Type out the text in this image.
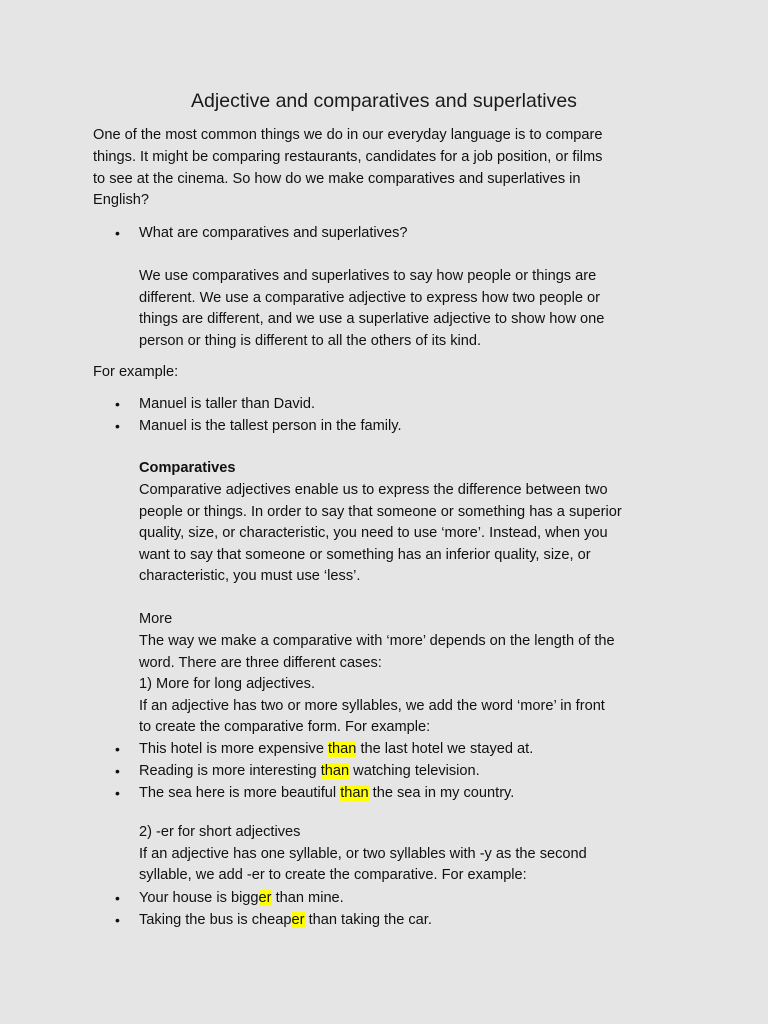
Adjective and comparatives and superlatives
One of the most common things we do in our everyday language is to compare
things. It might be comparing restaurants, candidates for a job position, or films
to see at the cinema. So how do we make comparatives and superlatives in
English?
• What are comparatives and superlatives?
We use comparatives and superlatives to say how people or things are
different. We use a comparative adjective to express how two people or
things are different, and we use a superlative adjective to show how one
person or thing is different to all the others of its kind.
For example:
• Manuel is taller than David.
• Manuel is the tallest person in the family.
Comparatives
Comparative adjectives enable us to express the difference between two
people or things. In order to say that someone or something has a superior
quality, size, or characteristic, you need to use ‘more’. Instead, when you
want to say that someone or something has an inferior quality, size, or
characteristic, you must use ‘less’.
More
The way we make a comparative with ‘more’ depends on the length of the
word. There are three different cases:
1) More for long adjectives.
If an adjective has two or more syllables, we add the word ‘more’ in front
to create the comparative form. For example:
• This hotel is more expensive than the last hotel we stayed at.
• Reading is more interesting than watching television.
• The sea here is more beautiful than the sea in my country.
2) -er for short adjectives
If an adjective has one syllable, or two syllables with -y as the second
syllable, we add -er to create the comparative. For example:
• Your house is bigger than mine.
• Taking the bus is cheaper than taking the car.
